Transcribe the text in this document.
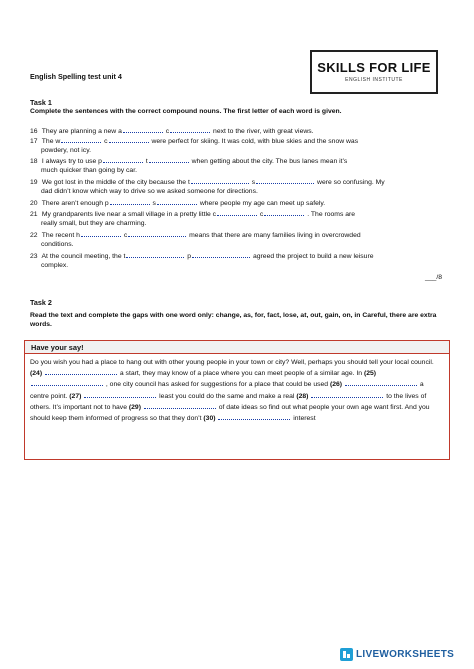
SKILLS FOR LIFE
ENGLISH INSTITUTE
English Spelling test unit 4
Task 1
Complete the sentences with the correct compound nouns. The first letter of each word is given.
16 They are planning a new a	c	next to the river, with great views.
17 The w	c	were perfect for skiing. It was cold, with blue skies and the snow was
powdery, not icy.
18 I always try to use p	t	when getting about the city. The bus lanes mean it’s
much quicker than going by car.
19 We got lost in the middle of the city because the t	s	were so confusing. My
dad didn’t know which way to drive so we asked someone for directions.
20 There aren’t enough p	s	where people my age can meet up safely.
21 My grandparents live near a small village in a pretty little c	c	. The rooms are
really small, but they are charming.
22 The recent h	c	means that there are many families living in overcrowded
conditions.
23 At the council meeting, the t	p	agreed the project to build a new leisure
complex.
___/8
Task 2
Read the text and complete the gaps with one word only: change, as, for, fact, lose, at, out, gain, on, in Careful, there are extra words.
Have your say!
Do you wish you had a place to hang out with other young people in your town or city? Well, perhaps you should tell your local council. (24)	a start, they may know of a place where you can meet people of a similar age. In (25)  , one city council has asked for suggestions for a place that could be used (26)	a centre point. (27)	least you could do the same and make a real (28)	to the lives of others. It’s important not to have (29)	of date ideas so find out what people your own age want first. And you should keep them informed of progress so that they don’t (30)	interest
LIVEWORKSHEETS
